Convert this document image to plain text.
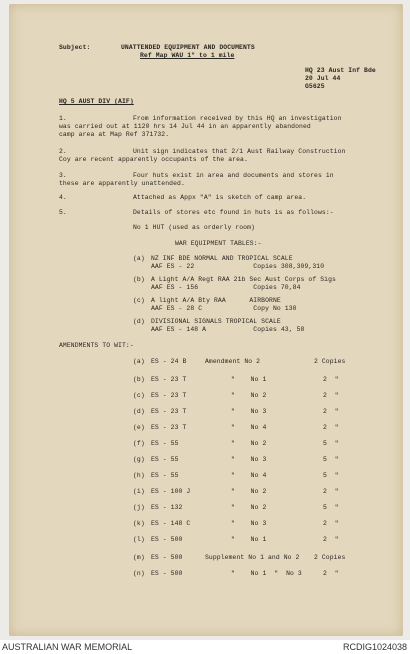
Subject:	UNATTENDED EQUIPMENT AND DOCUMENTS
Ref Map WAU 1" to 1 mile
HQ 23 Aust Inf Bde
20 Jul 44
G5625
HQ 5 AUST DIV (AIF)
1.	From information received by this HQ an investigation
was carried out at 1120 hrs 14 Jul 44 in an apparently abandoned
camp area at Map Ref 371732.
2.	Unit sign indicates that 2/1 Aust Railway Construction
Coy are recent apparently occupants of the area.
3.	Four huts exist in area and documents and stores in
these are apparently unattended.
4.	Attached as Appx "A" is sketch of camp area.
5.	Details of stores etc found in huts is as follows:-
No 1 HUT (used as orderly room)
WAR EQUIPMENT TABLES:-
(a) NZ INF BDE NORMAL AND TROPICAL SCALE
AAF ES - 22               Copies 308,309,310
(b) A Light A/A Regt RAA 21b Sec Aust Corps of Sigs
AAF ES - 156              Copies 70,84
(c) A light A/A Bty RAA      AIRBORNE
AAF ES - 28 C             Copy No 130
(d) DIVISIONAL SIGNALS TROPICAL SCALE
AAF ES - 148 A            Copies 43, 58
AMENDMENTS TO WIT:-
(a) ES - 24 B	Amendment No 2	2 Copies
(b) ES - 23 T	"    No 1	2  "
(c) ES - 23 T	"    No 2	2  "
(d) ES - 23 T	"    No 3	2  "
(e) ES - 23 T	"    No 4	2  "
(f) ES - 55	"    No 2	5  "
(g) ES - 55	"    No 3	5  "
(h) ES - 55	"    No 4	5  "
(i) ES - 100 J	"    No 2	2  "
(j) ES - 132	"    No 2	5  "
(k) ES - 148 C	"    No 3	2  "
(l) ES - 500	"    No 1	2  "
(m) ES - 500	Supplement No 1 and No 2 2 Copies
(n) ES - 500	"    No 1  "  No 3	2  "
AUSTRALIAN WAR MEMORIAL	RCDIG1024038
